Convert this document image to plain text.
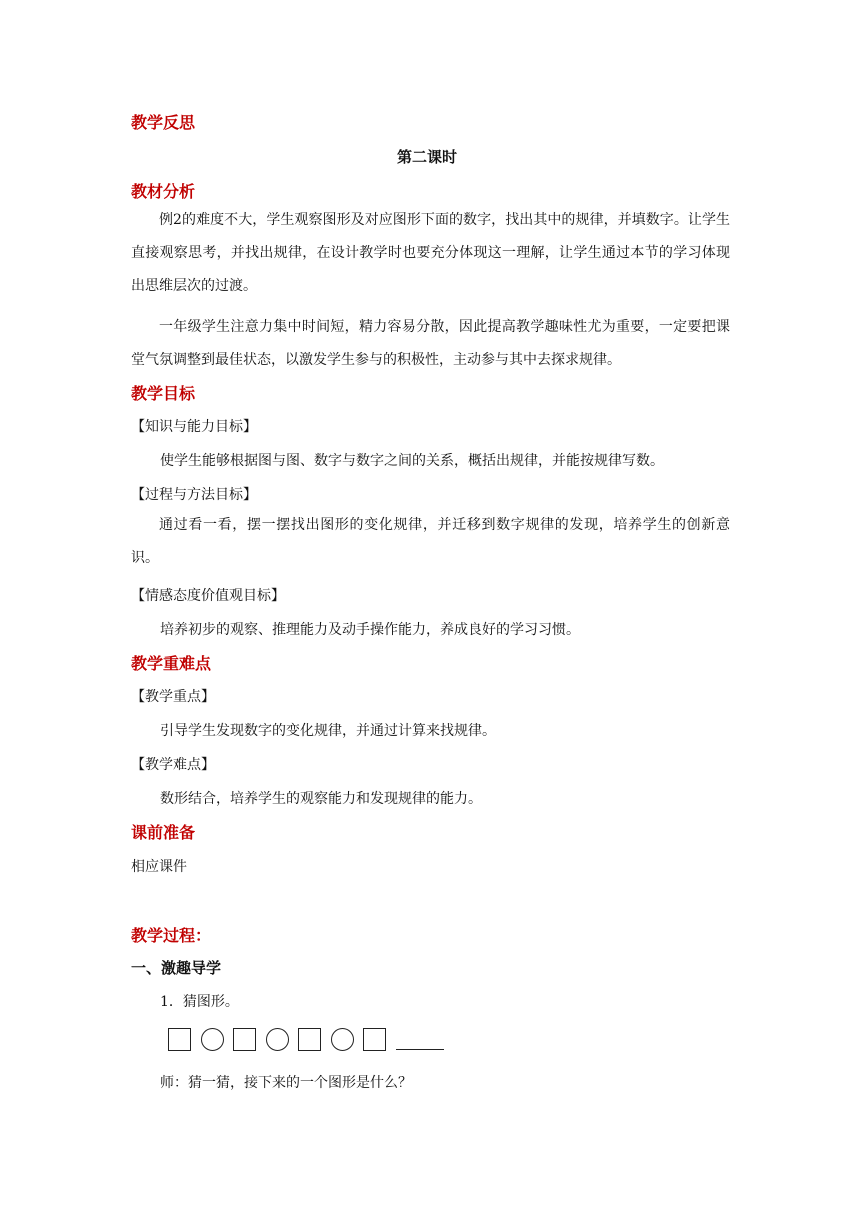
教学反思
第二课时
教材分析

例2的难度不大，学生观察图形及对应图形下面的数字，找出其中的规律，并填数字。让学生直接观察思考，并找出规律，在设计教学时也要充分体现这一理解，让学生通过本节的学习体现出思维层次的过渡。

一年级学生注意力集中时间短，精力容易分散，因此提高教学趣味性尤为重要，一定要把课堂气氛调整到最佳状态，以激发学生参与的积极性，主动参与其中去探求规律。

教学目标
【知识与能力目标】
使学生能够根据图与图、数字与数字之间的关系，概括出规律，并能按规律写数。
【过程与方法目标】

通过看一看，摆一摆找出图形的变化规律，并迁移到数字规律的发现，培养学生的创新意识。

【情感态度价值观目标】
培养初步的观察、推理能力及动手操作能力，养成良好的学习习惯。
教学重难点
【教学重点】
引导学生发现数字的变化规律，并通过计算来找规律。
【教学难点】
数形结合，培养学生的观察能力和发现规律的能力。
课前准备
相应课件
教学过程：
一、激趣导学
1．猜图形。
师：猜一猜，接下来的一个图形是什么？
